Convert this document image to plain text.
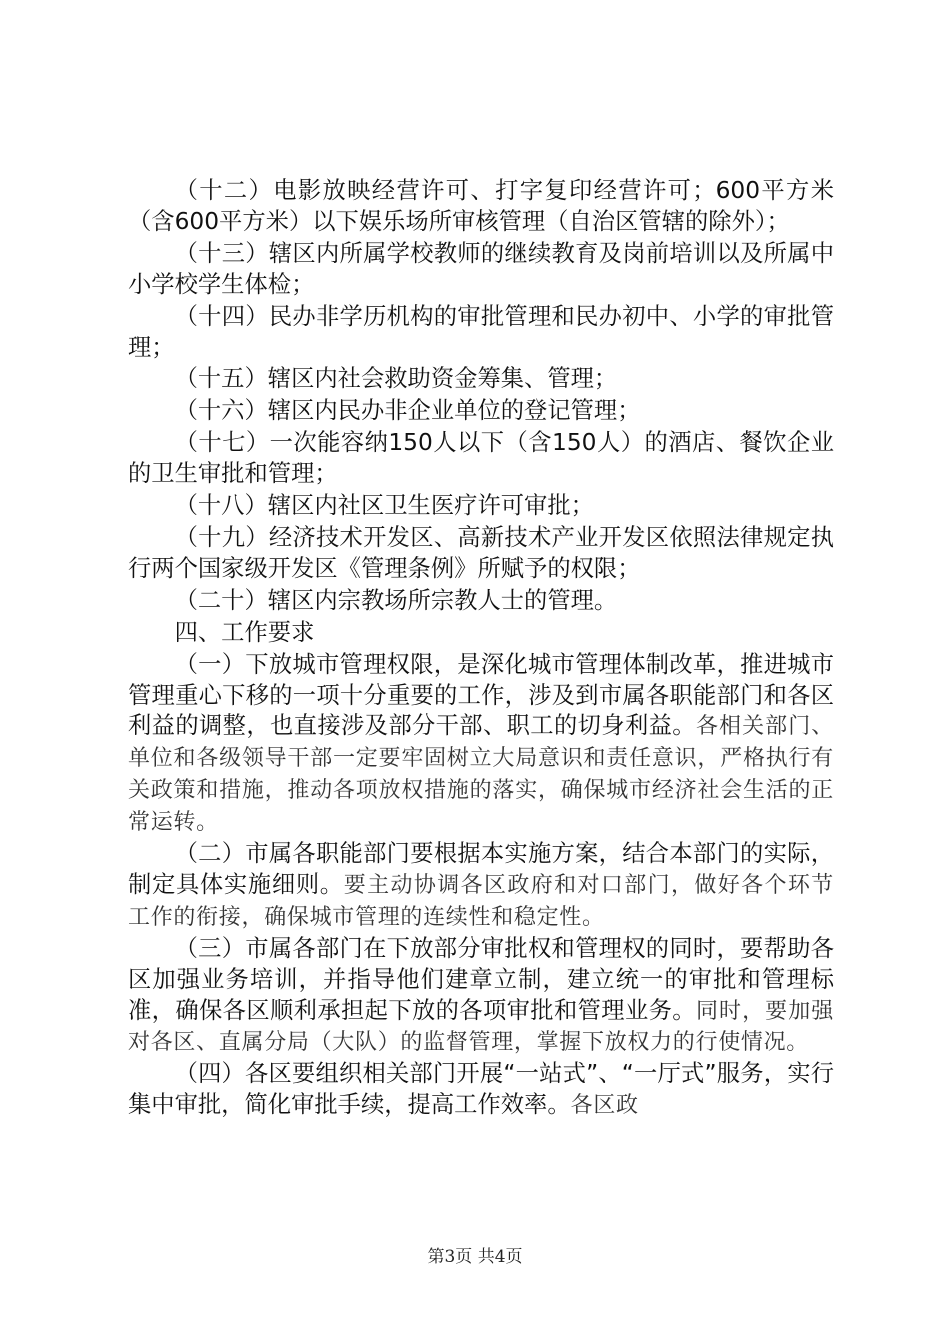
（十二）电影放映经营许可、打字复印经营许可；600平方米（含600平方米）以下娱乐场所审核管理（自治区管辖的除外）；

（十三）辖区内所属学校教师的继续教育及岗前培训以及所属中小学校学生体检；

（十四）民办非学历机构的审批管理和民办初中、小学的审批管理；

（十五）辖区内社会救助资金筹集、管理；

（十六）辖区内民办非企业单位的登记管理；

（十七）一次能容纳150人以下（含150人）的酒店、餐饮企业的卫生审批和管理；

（十八）辖区内社区卫生医疗许可审批；

（十九）经济技术开发区、高新技术产业开发区依照法律规定执行两个国家级开发区《管理条例》所赋予的权限；

（二十）辖区内宗教场所宗教人士的管理。

四、工作要求

（一）下放城市管理权限，是深化城市管理体制改革，推进城市管理重心下移的一项十分重要的工作，涉及到市属各职能部门和各区利益的调整，也直接涉及部分干部、职工的切身利益。各相关部门、单位和各级领导干部一定要牢固树立大局意识和责任意识，严格执行有关政策和措施，推动各项放权措施的落实，确保城市经济社会生活的正常运转。

（二）市属各职能部门要根据本实施方案，结合本部门的实际，制定具体实施细则。要主动协调各区政府和对口部门，做好各个环节工作的衔接，确保城市管理的连续性和稳定性。

（三）市属各部门在下放部分审批权和管理权的同时，要帮助各区加强业务培训，并指导他们建章立制，建立统一的审批和管理标准，确保各区顺利承担起下放的各项审批和管理业务。同时，要加强对各区、直属分局（大队）的监督管理，掌握下放权力的行使情况。

（四）各区要组织相关部门开展“一站式”、“一厅式”服务，实行集中审批，简化审批手续，提高工作效率。各区政

第3页 共4页
